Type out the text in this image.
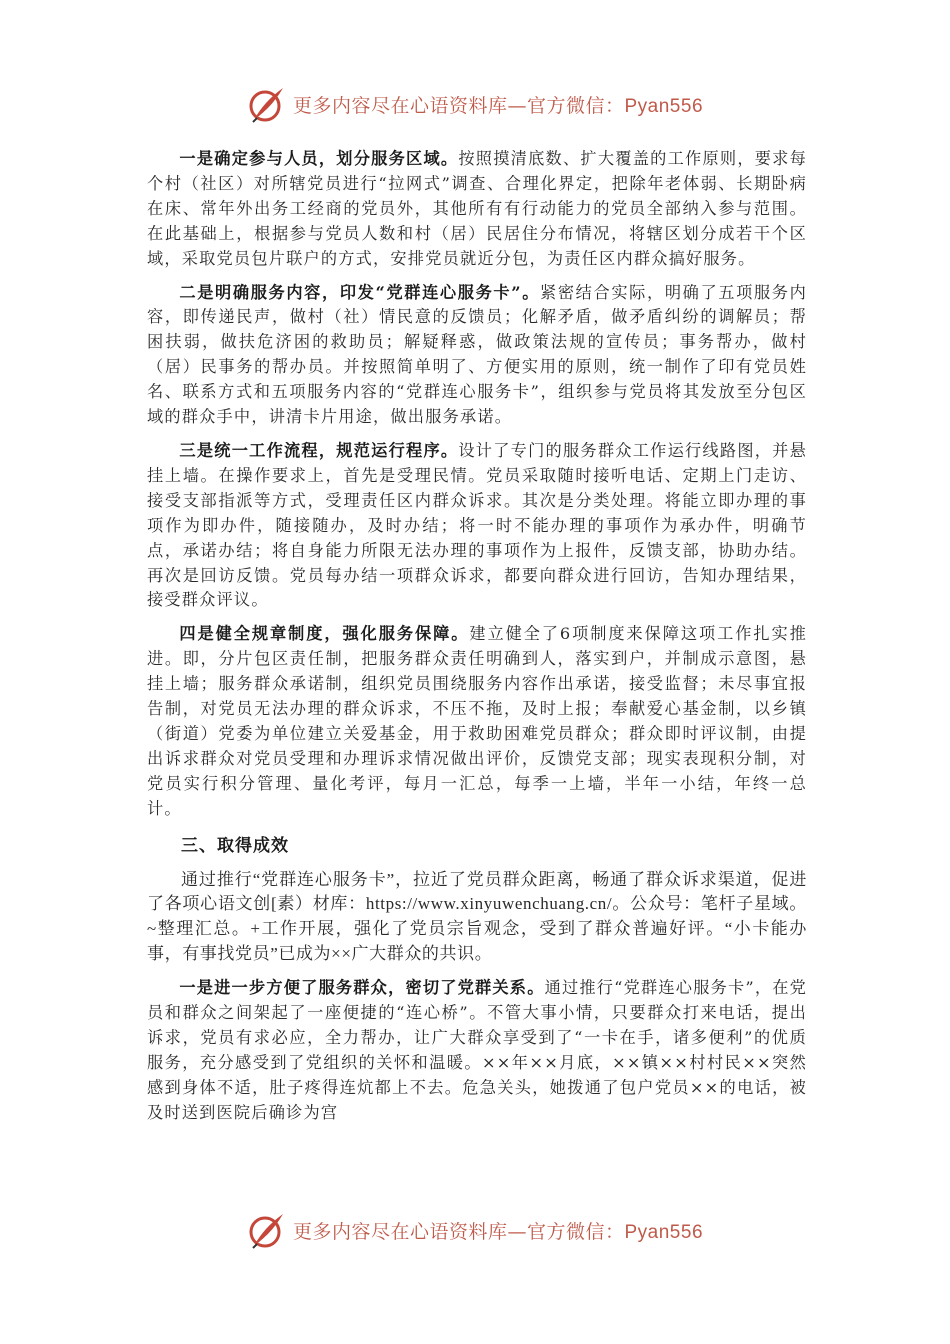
更多内容尽在心语资料库—官方微信：Pyan556

一是确定参与人员，划分服务区域。按照摸清底数、扩大覆盖的工作原则，要求每个村（社区）对所辖党员进行“拉网式”调查、合理化界定，把除年老体弱、长期卧病在床、常年外出务工经商的党员外，其他所有有行动能力的党员全部纳入参与范围。在此基础上，根据参与党员人数和村（居）民居住分布情况，将辖区划分成若干个区域，采取党员包片联户的方式，安排党员就近分包，为责任区内群众搞好服务。

二是明确服务内容，印发“党群连心服务卡”。紧密结合实际，明确了五项服务内容，即传递民声，做村（社）情民意的反馈员；化解矛盾，做矛盾纠纷的调解员；帮困扶弱，做扶危济困的救助员；解疑释惑，做政策法规的宣传员；事务帮办，做村（居）民事务的帮办员。并按照简单明了、方便实用的原则，统一制作了印有党员姓名、联系方式和五项服务内容的“党群连心服务卡”，组织参与党员将其发放至分包区域的群众手中，讲清卡片用途，做出服务承诺。

三是统一工作流程，规范运行程序。设计了专门的服务群众工作运行线路图，并悬挂上墙。在操作要求上，首先是受理民情。党员采取随时接听电话、定期上门走访、接受支部指派等方式，受理责任区内群众诉求。其次是分类处理。将能立即办理的事项作为即办件，随接随办，及时办结；将一时不能办理的事项作为承办件，明确节点，承诺办结；将自身能力所限无法办理的事项作为上报件，反馈支部，协助办结。再次是回访反馈。党员每办结一项群众诉求，都要向群众进行回访，告知办理结果，接受群众评议。

四是健全规章制度，强化服务保障。建立健全了6项制度来保障这项工作扎实推进。即，分片包区责任制，把服务群众责任明确到人，落实到户，并制成示意图，悬挂上墙；服务群众承诺制，组织党员围绕服务内容作出承诺，接受监督；未尽事宜报告制，对党员无法办理的群众诉求，不压不拖，及时上报；奉献爱心基金制，以乡镇（街道）党委为单位建立关爱基金，用于救助困难党员群众；群众即时评议制，由提出诉求群众对党员受理和办理诉求情况做出评价，反馈党支部；现实表现积分制，对党员实行积分管理、量化考评，每月一汇总，每季一上墙，半年一小结，年终一总计。

三、取得成效

通过推行“党群连心服务卡”，拉近了党员群众距离，畅通了群众诉求渠道，促进了各项心语文创[素）材库：https://www.xinyuwenchuang.cn/。公众号：笔杆子星域。~整理汇总。+工作开展，强化了党员宗旨观念，受到了群众普遍好评。“小卡能办事，有事找党员”已成为××广大群众的共识。

一是进一步方便了服务群众，密切了党群关系。通过推行“党群连心服务卡”，在党员和群众之间架起了一座便捷的“连心桥”。不管大事小情，只要群众打来电话，提出诉求，党员有求必应，全力帮办，让广大群众享受到了“一卡在手，诸多便利”的优质服务，充分感受到了党组织的关怀和温暖。××年××月底，××镇××村村民××突然感到身体不适，肚子疼得连炕都上不去。危急关头，她拨通了包户党员××的电话，被及时送到医院后确诊为宫

更多内容尽在心语资料库—官方微信：Pyan556
